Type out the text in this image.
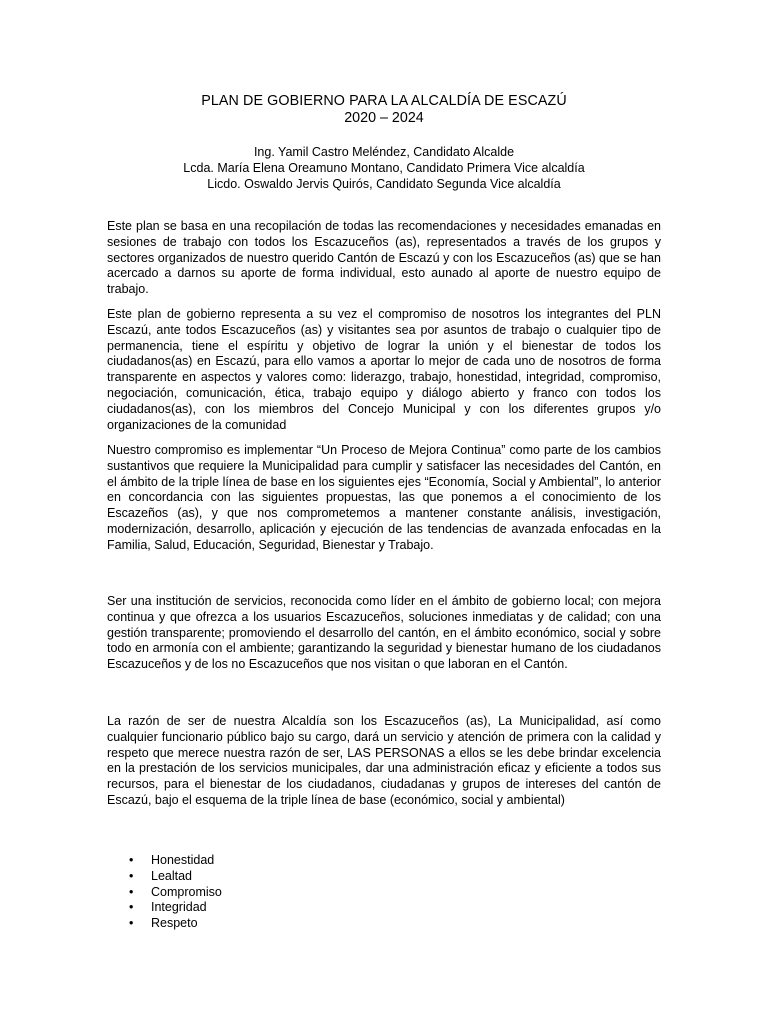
PLAN DE GOBIERNO PARA LA ALCALDÍA DE ESCAZÚ
2020 – 2024
Ing. Yamil Castro Meléndez, Candidato Alcalde
Lcda. María Elena Oreamuno Montano, Candidato Primera Vice alcaldía
Licdo. Oswaldo Jervis Quirós, Candidato Segunda Vice alcaldía

Este plan se basa en una recopilación de todas las recomendaciones y necesidades emanadas en sesiones de trabajo con todos los Escazuceños (as), representados a través de los grupos y sectores organizados de nuestro querido Cantón de Escazú y con los Escazuceños (as) que se han acercado a darnos su aporte de forma individual, esto aunado al aporte de nuestro equipo de trabajo.

Este plan de gobierno representa a su vez el compromiso de nosotros los integrantes del PLN Escazú, ante todos Escazuceños (as) y visitantes sea por asuntos de trabajo o cualquier tipo de permanencia, tiene el espíritu y objetivo de lograr la unión y el bienestar de todos los ciudadanos(as) en Escazú, para ello vamos a aportar lo mejor de cada uno de nosotros de forma transparente en aspectos y valores como: liderazgo, trabajo, honestidad, integridad, compromiso, negociación, comunicación, ética, trabajo equipo y diálogo abierto y franco con todos los ciudadanos(as), con los miembros del Concejo Municipal y con los diferentes grupos y/o organizaciones de la comunidad

Nuestro compromiso es implementar “Un Proceso de Mejora Continua” como parte de los cambios sustantivos que requiere la Municipalidad para cumplir y satisfacer las necesidades del Cantón, en el ámbito de la triple línea de base en los siguientes ejes “Economía, Social y Ambiental”, lo anterior en concordancia con las siguientes propuestas, las que ponemos a el conocimiento de los Escazeños (as), y que nos comprometemos a mantener constante análisis, investigación, modernización, desarrollo, aplicación y ejecución de las tendencias de avanzada enfocadas en la Familia, Salud, Educación, Seguridad, Bienestar y Trabajo.

Ser una institución de servicios, reconocida como líder en el ámbito de gobierno local; con mejora continua y que ofrezca a los usuarios Escazuceños, soluciones inmediatas y de calidad; con una gestión transparente; promoviendo el desarrollo del cantón, en el ámbito económico, social y sobre todo en armonía con el ambiente; garantizando la seguridad y bienestar humano de los ciudadanos Escazuceños y de los no Escazuceños que nos visitan o que laboran en el Cantón.

La razón de ser de nuestra Alcaldía son los Escazuceños (as), La Municipalidad, así como cualquier funcionario público bajo su cargo, dará un servicio y atención de primera con la calidad y respeto que merece nuestra razón de ser, LAS PERSONAS a ellos se les debe brindar excelencia en la prestación de los servicios municipales, dar una administración eficaz y eficiente a todos sus recursos, para el bienestar de los ciudadanos, ciudadanas y grupos de intereses del cantón de Escazú, bajo el esquema de la triple línea de base (económico, social y ambiental)

• Honestidad
• Lealtad
• Compromiso
• Integridad
• Respeto
